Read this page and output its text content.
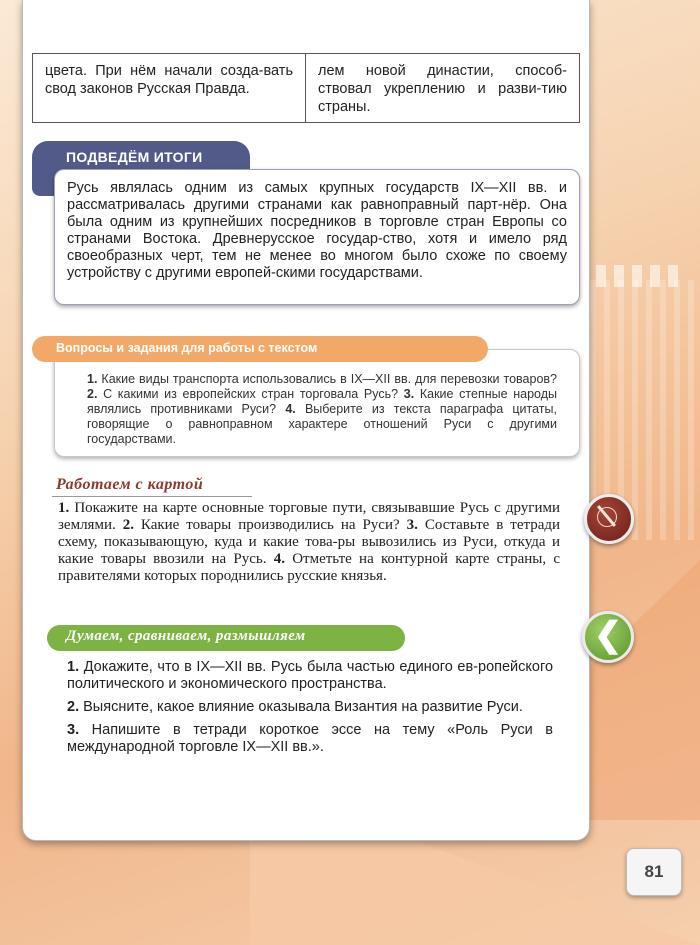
цвета. При нём начали созда-вать свод законов Русская Правда.
лем новой династии, способ-ствовал укреплению и разви-тию страны.
ПОДВЕДЁМ ИТОГИ
Русь являлась одним из самых крупных государств IX—XII вв. и рассматривалась другими странами как равноправный парт-нёр. Она была одним из крупнейших посредников в торговле стран Европы со странами Востока. Древнерусское государ-ство, хотя и имело ряд своеобразных черт, тем не менее во многом было схоже по своему устройству с другими европей-скими государствами.
1. Какие виды транспорта использовались в IX—XII вв. для перевозки товаров? 2. С какими из европейских стран торговала Русь? 3. Какие степные народы являлись противниками Руси? 4. Выберите из текста параграфа цитаты, говорящие о равноправном характере отношений Руси с другими государствами.
Вопросы и задания для работы с текстом
Работаем с картой
1. Покажите на карте основные торговые пути, связывавшие Русь с другими землями. 2. Какие товары производились на Руси? 3. Составьте в тетради схему, показывающую, куда и какие това-ры вывозились из Руси, откуда и какие товары ввозили на Русь. 4. Отметьте на контурной карте страны, с правителями которых породнились русские князья.
Думаем, сравниваем, размышляем

1. Докажите, что в IX—XII вв. Русь была частью единого ев-ропейского политического и экономического пространства.

2. Выясните, какое влияние оказывала Византия на развитие Руси.

3. Напишите в тетради короткое эссе на тему «Роль Руси в международной торговле IX—XII вв.».

❮
81
